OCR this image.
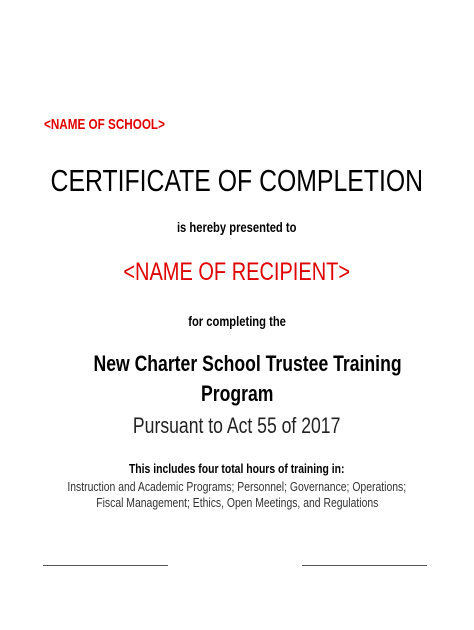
<NAME OF SCHOOL>
CERTIFICATE OF COMPLETION
is hereby presented to
<NAME OF RECIPIENT>
for completing the
New Charter School Trustee Training
Program
Pursuant to Act 55 of 2017
This includes four total hours of training in:
Instruction and Academic Programs; Personnel; Governance; Operations;
Fiscal Management; Ethics, Open Meetings, and Regulations
